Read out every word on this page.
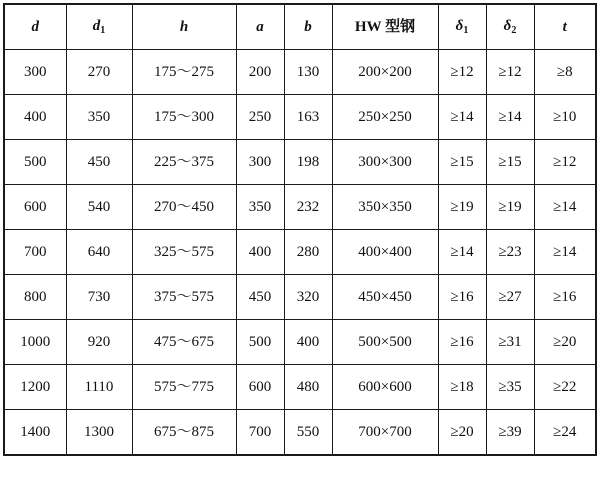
d	$d_1$	h	a	b	HW 型钢	$\delta_1$	$\delta_2$	t
300	270	175～275	200	130	200×200	≥12	≥12	≥8
400	350	175～300	250	163	250×250	≥14	≥14	≥10
500	450	225～375	300	198	300×300	≥15	≥15	≥12
600	540	270～450	350	232	350×350	≥19	≥19	≥14
700	640	325～575	400	280	400×400	≥14	≥23	≥14
800	730	375～575	450	320	450×450	≥16	≥27	≥16
1000	920	475～675	500	400	500×500	≥16	≥31	≥20
1200	1110	575～775	600	480	600×600	≥18	≥35	≥22
1400	1300	675～875	700	550	700×700	≥20	≥39	≥24
